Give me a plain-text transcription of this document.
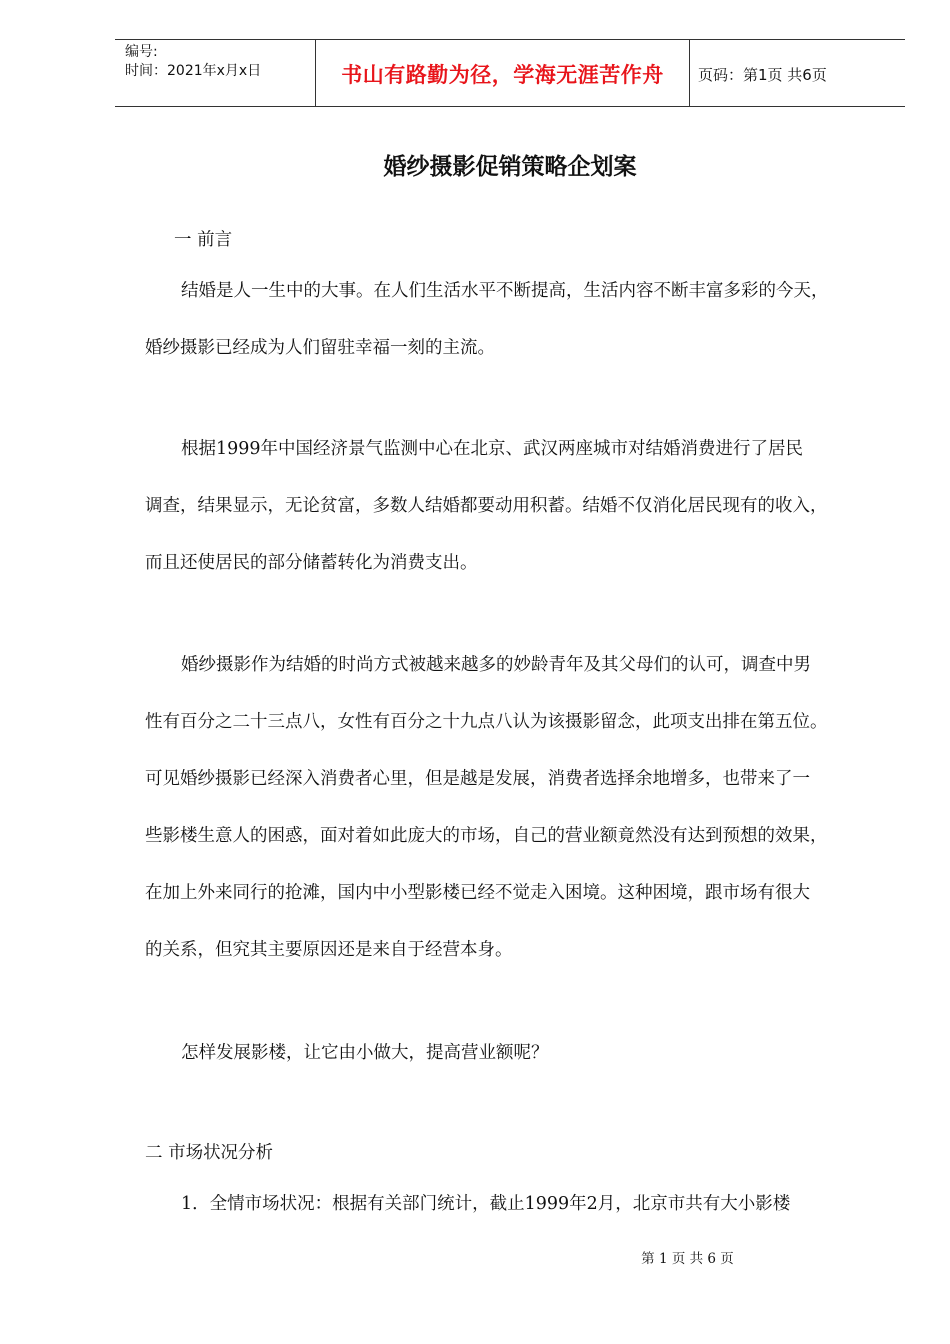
编号:
时间：2021年x月x日	书山有路勤为径，学海无涯苦作舟	页码：第1页 共6页
婚纱摄影促销策略企划案

一 前言

结婚是人一生中的大事。在人们生活水平不断提高，生活内容不断丰富多彩的今天，

婚纱摄影已经成为人们留驻幸福一刻的主流。

根据1999年中国经济景气监测中心在北京、武汉两座城市对结婚消费进行了居民

调查，结果显示，无论贫富，多数人结婚都要动用积蓄。结婚不仅消化居民现有的收入，

而且还使居民的部分储蓄转化为消费支出。

婚纱摄影作为结婚的时尚方式被越来越多的妙龄青年及其父母们的认可，调查中男

性有百分之二十三点八，女性有百分之十九点八认为该摄影留念，此项支出排在第五位。

可见婚纱摄影已经深入消费者心里，但是越是发展，消费者选择余地增多，也带来了一

些影楼生意人的困惑，面对着如此庞大的市场，自己的营业额竟然没有达到预想的效果，

在加上外来同行的抢滩，国内中小型影楼已经不觉走入困境。这种困境，跟市场有很大

的关系，但究其主要原因还是来自于经营本身。

怎样发展影楼，让它由小做大，提高营业额呢？

二 市场状况分析

1．全情市场状况：根据有关部门统计，截止1999年2月，北京市共有大小影楼

第 1 页 共 6 页
